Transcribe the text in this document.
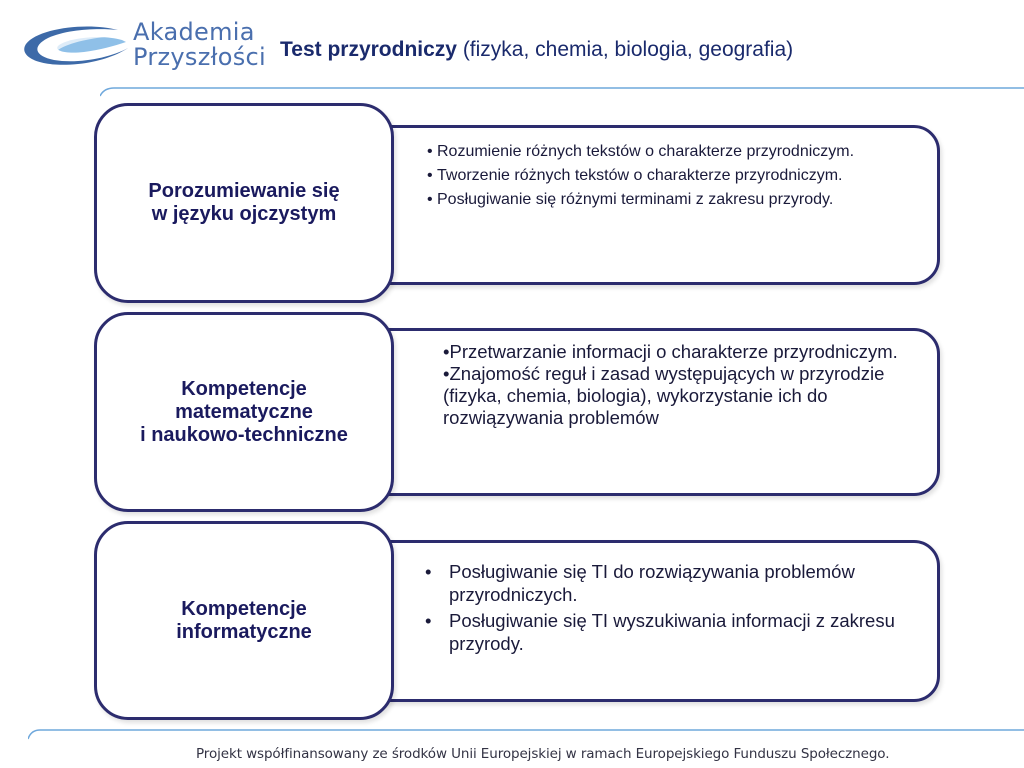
Akademia
Przyszłości Test przyrodniczy (fizyka, chemia, biologia, geografia)
Porozumiewanie się
w języku ojczystym
• Rozumienie różnych tekstów o charakterze przyrodniczym.
• Tworzenie różnych tekstów o charakterze przyrodniczym.
• Posługiwanie się różnymi terminami z zakresu przyrody.
Kompetencje
matematyczne
i naukowo-techniczne
•Przetwarzanie informacji o charakterze przyrodniczym.
•Znajomość reguł i zasad występujących w przyrodzie (fizyka, chemia, biologia), wykorzystanie ich do rozwiązywania problemów
Kompetencje
informatyczne
• Posługiwanie się TI do rozwiązywania problemów przyrodniczych.
• Posługiwanie się TI wyszukiwania informacji z zakresu przyrody.

Projekt współfinansowany ze środków Unii Europejskiej w ramach Europejskiego Funduszu Społecznego.
